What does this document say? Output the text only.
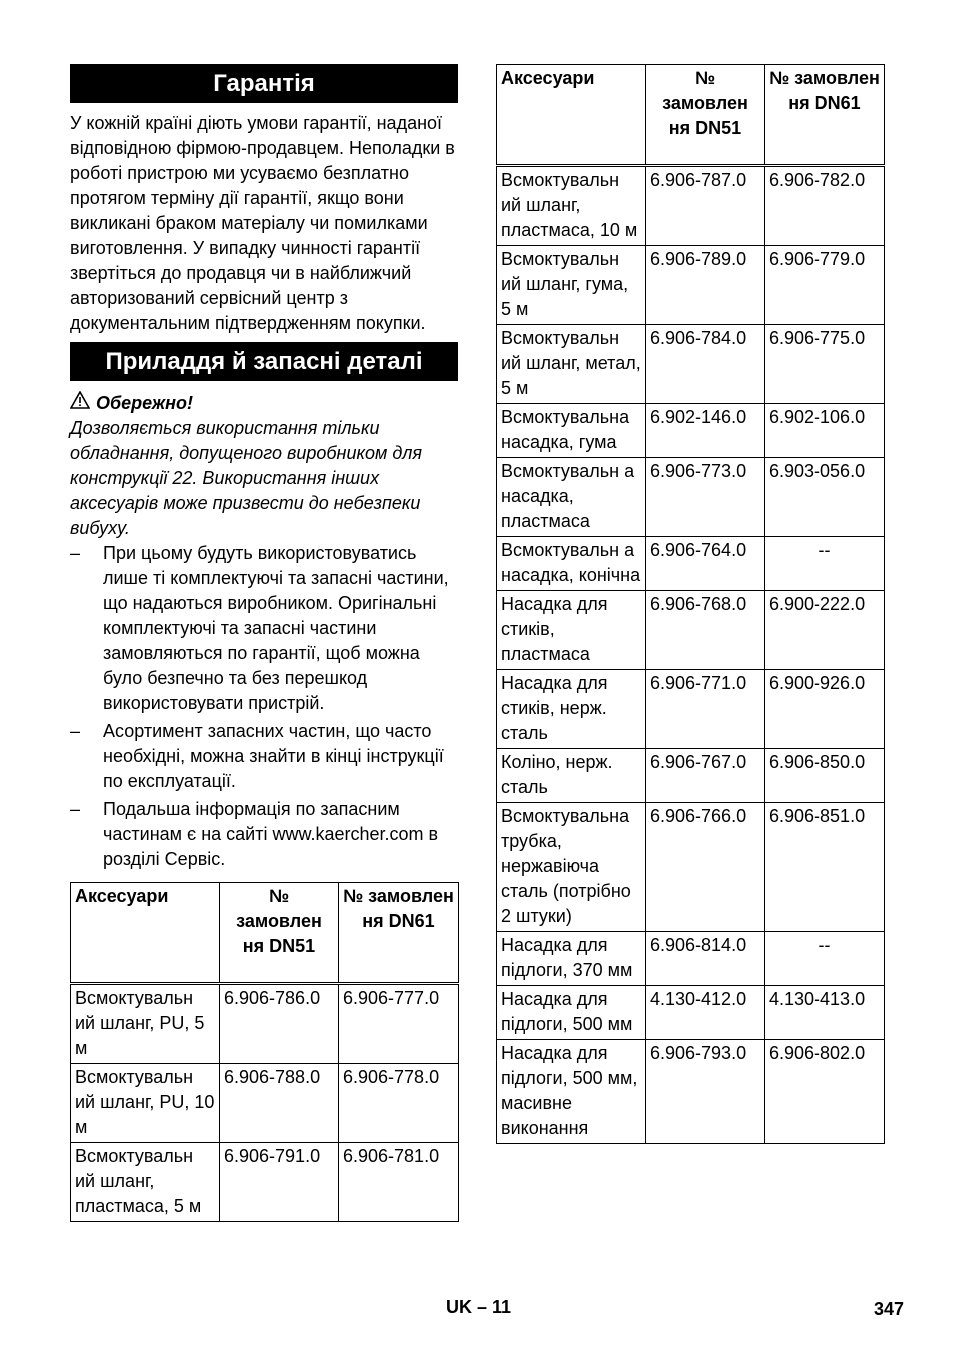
Гарантія

У кожній країні діють умови гарантії, наданої відповідною фірмою-продавцем. Неполадки в роботі пристрою ми усуваємо безплатно протягом терміну дії гарантії, якщо вони викликані браком матеріалу чи помилками виготовлення. У випадку чинності гарантії звертіться до продавця чи в найближчий авторизований сервісний центр з документальним підтвердженням покупки.

Приладдя й запасні деталі
Обережно!
Дозволяється використання тільки обладнання, допущеного виробником для конструкції 22. Використання інших аксесуарів може призвести до небезпеки вибуху.
– При цьому будуть використовуватись лише ті комплектуючі та запасні частини, що надаються виробником. Оригінальні комплектуючі та запасні частини замовляються по гарантії, щоб можна було безпечно та без перешкод використовувати пристрій.
– Асортимент запасних частин, що часто необхідні, можна знайти в кінці інструкції по експлуатації.
– Подальша інформація по запасним частинам є на сайті www.kaercher.com в розділі Сервіс.
Аксесуари	№ замовлен ня DN51	№ замовлен ня DN61
Всмоктувальн ий шланг, PU, 5 м	6.906-786.0	6.906-777.0
Всмоктувальн ий шланг, PU, 10 м	6.906-788.0	6.906-778.0
Всмоктувальн ий шланг, пластмаса, 5 м	6.906-791.0	6.906-781.0
Аксесуари	№ замовлен ня DN51	№ замовлен ня DN61
Всмоктувальн ий шланг, пластмаса, 10 м	6.906-787.0	6.906-782.0
Всмоктувальн ий шланг, гума, 5 м	6.906-789.0	6.906-779.0
Всмоктувальн ий шланг, метал, 5 м	6.906-784.0	6.906-775.0
Всмоктувальна насадка, гума	6.902-146.0	6.902-106.0
Всмоктувальн а насадка, пластмаса	6.906-773.0	6.903-056.0
Всмоктувальн а насадка, конічна	6.906-764.0	--
Насадка для стиків, пластмаса	6.906-768.0	6.900-222.0
Насадка для стиків, нерж. сталь	6.906-771.0	6.900-926.0
Коліно, нерж. сталь	6.906-767.0	6.906-850.0
Всмоктувальна трубка, нержавіюча сталь (потрібно 2 штуки)	6.906-766.0	6.906-851.0
Насадка для підлоги, 370 мм	6.906-814.0	--
Насадка для підлоги, 500 мм	4.130-412.0	4.130-413.0
Насадка для підлоги, 500 мм, масивне виконання	6.906-793.0	6.906-802.0
UK – 11	347
